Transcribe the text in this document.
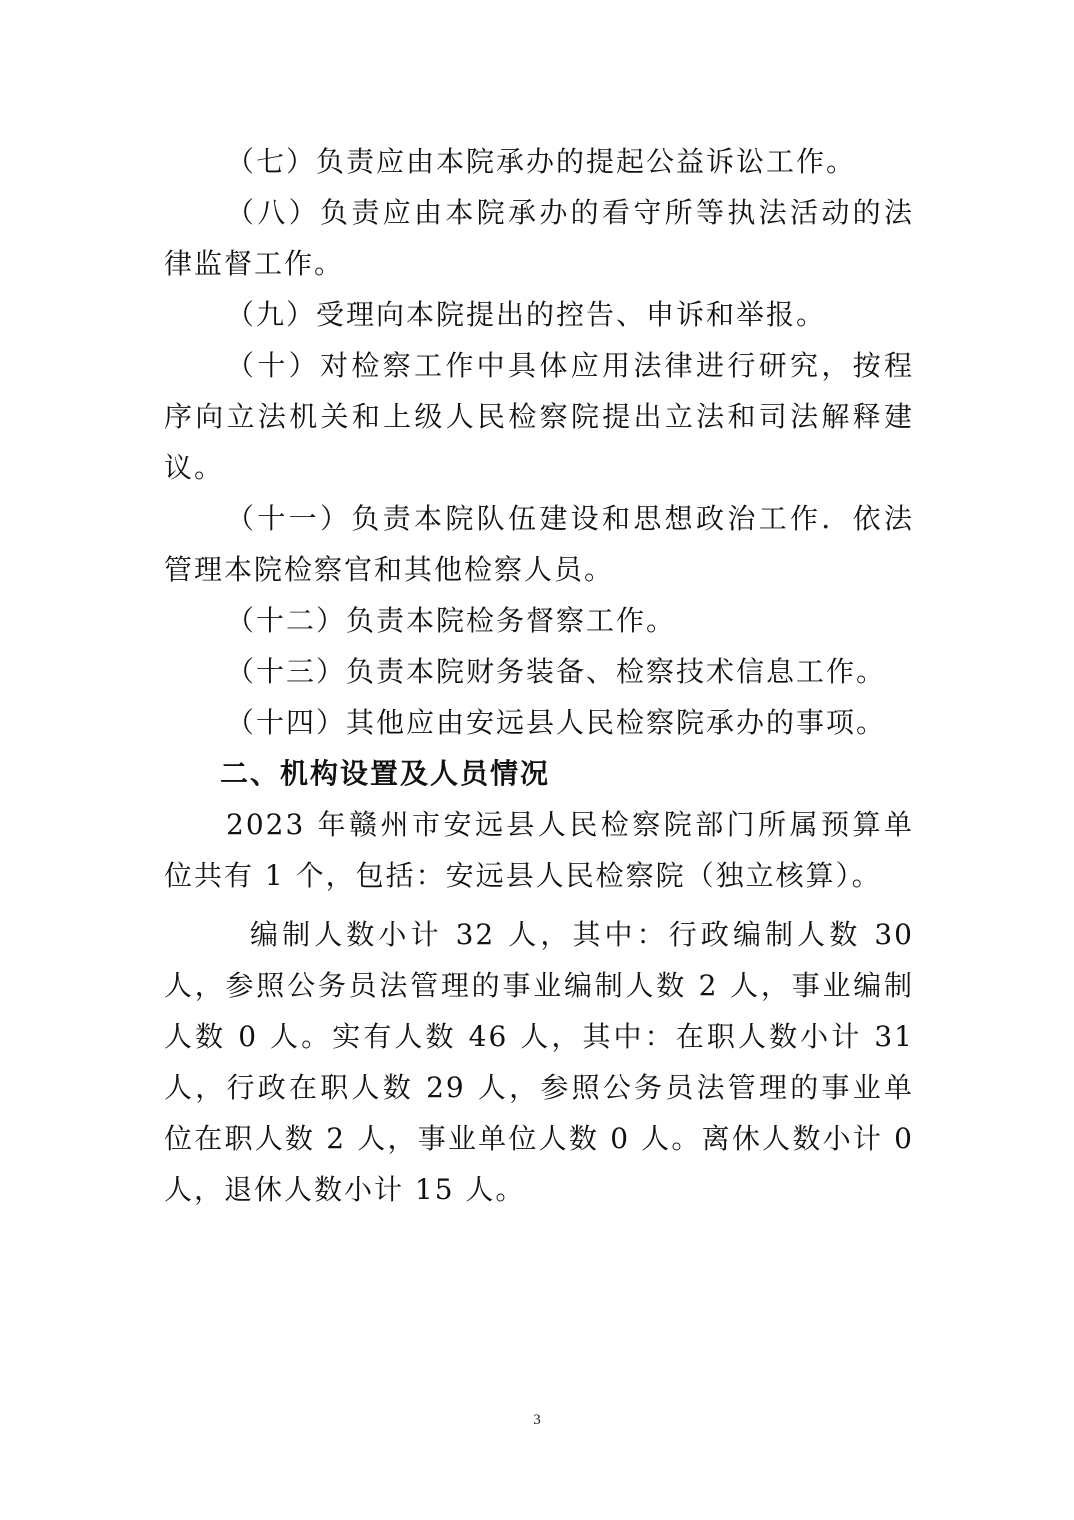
（七）负责应由本院承办的提起公益诉讼工作。

（八）负责应由本院承办的看守所等执法活动的法律监督工作。

（九）受理向本院提出的控告、申诉和举报。

（十）对检察工作中具体应用法律进行研究，按程序向立法机关和上级人民检察院提出立法和司法解释建议。

（十一）负责本院队伍建设和思想政治工作．依法管理本院检察官和其他检察人员。

（十二）负责本院检务督察工作。

（十三）负责本院财务装备、检察技术信息工作。

（十四）其他应由安远县人民检察院承办的事项。

二、机构设置及人员情况

2023 年赣州市安远县人民检察院部门所属预算单位共有 1 个，包括：安远县人民检察院（独立核算）。

编制人数小计 32 人，其中：行政编制人数 30 人，参照公务员法管理的事业编制人数 2 人，事业编制人数 0 人。实有人数 46 人，其中：在职人数小计 31 人，行政在职人数 29 人，参照公务员法管理的事业单位在职人数 2 人，事业单位人数 0 人。离休人数小计 0 人，退休人数小计 15 人。

3
